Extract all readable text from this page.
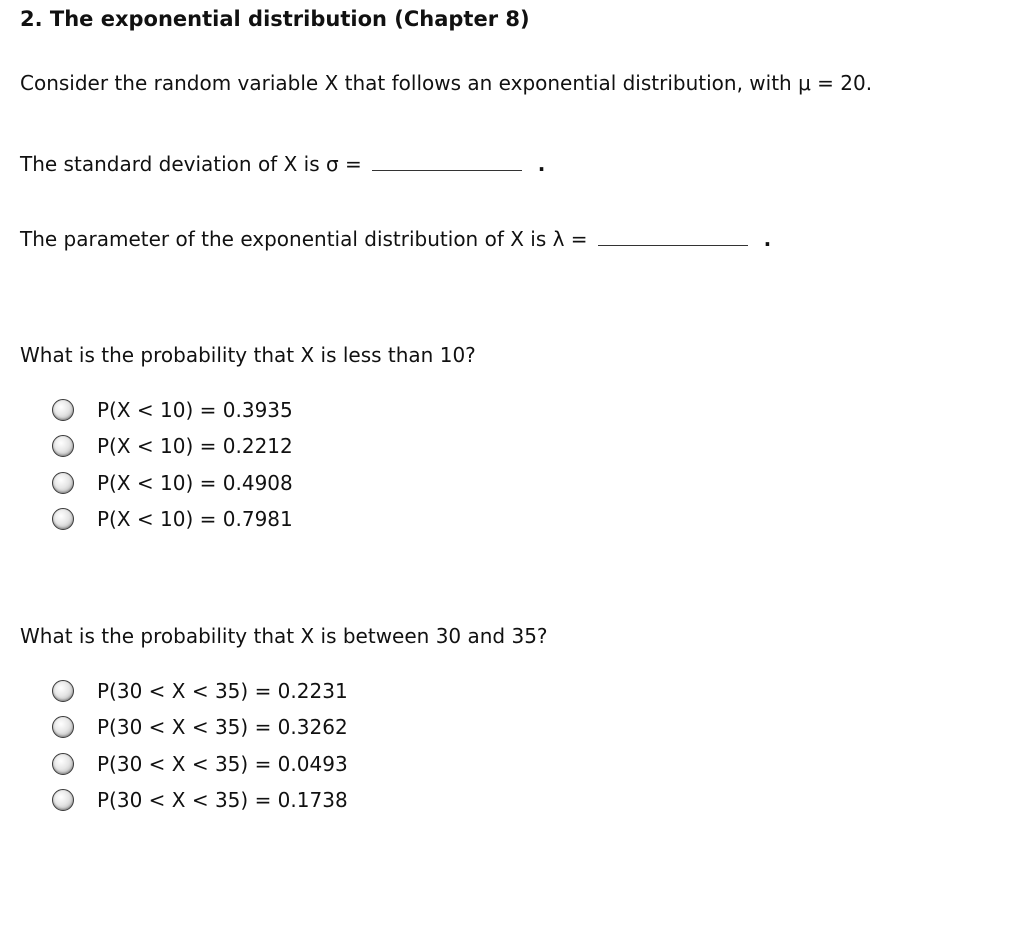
2. The exponential distribution (Chapter 8)
Consider the random variable X that follows an exponential distribution, with μ = 20.
The standard deviation of X is σ =	.
The parameter of the exponential distribution of X is λ =	.
What is the probability that X is less than 10?
P(X < 10) = 0.3935
P(X < 10) = 0.2212
P(X < 10) = 0.4908
P(X < 10) = 0.7981
What is the probability that X is between 30 and 35?
P(30 < X < 35) = 0.2231
P(30 < X < 35) = 0.3262
P(30 < X < 35) = 0.0493
P(30 < X < 35) = 0.1738
